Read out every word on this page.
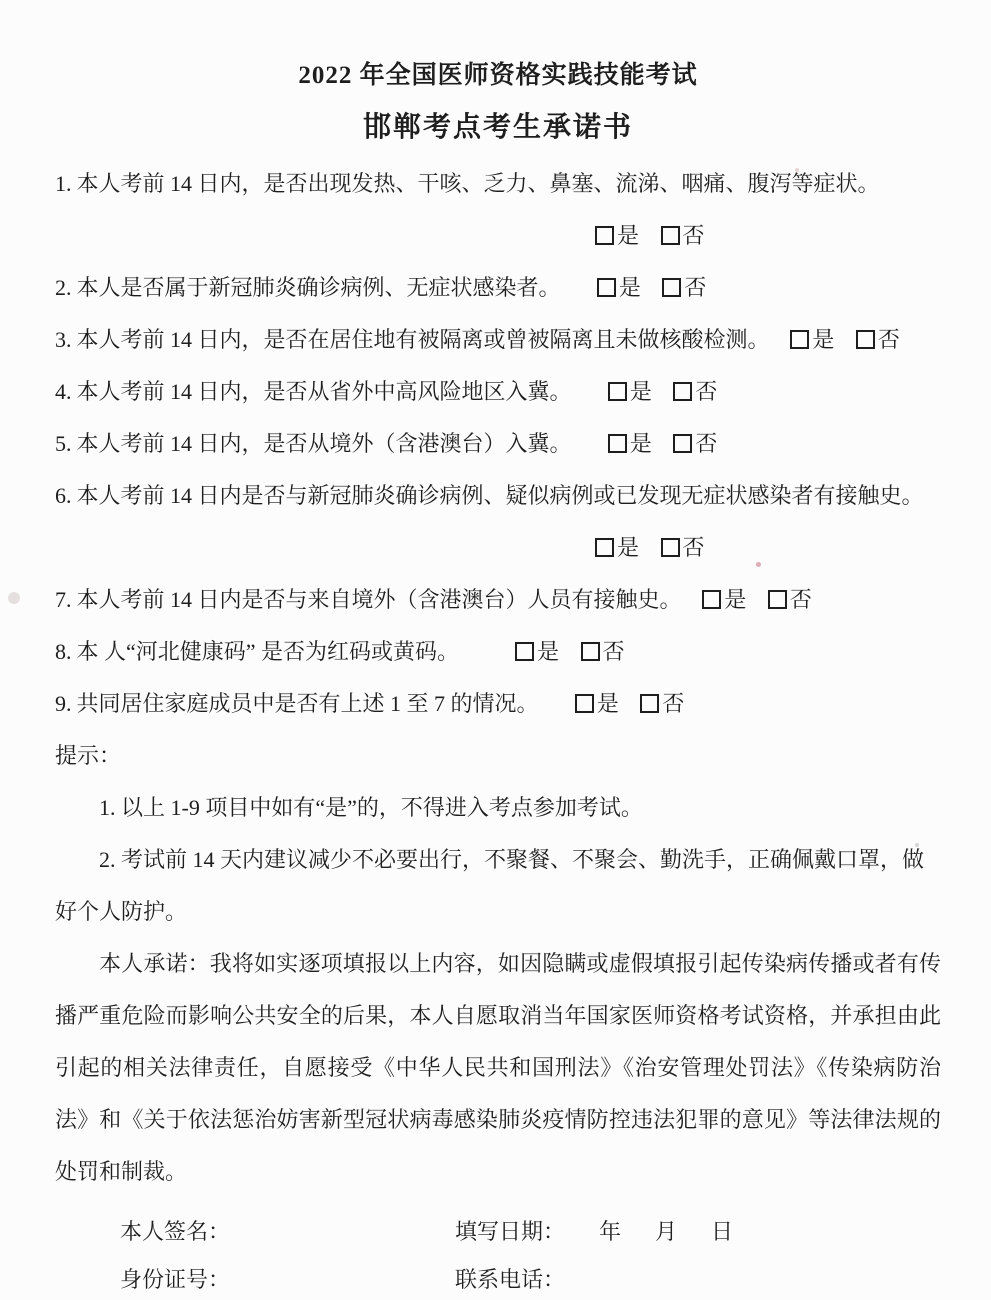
2022 年全国医师资格实践技能考试
邯郸考点考生承诺书
1. 本人考前 14 日内，是否出现发热、干咳、乏力、鼻塞、流涕、咽痛、腹泻等症状。
是 否
2. 本人是否属于新冠肺炎确诊病例、无症状感染者。	是 否
3. 本人考前 14 日内，是否在居住地有被隔离或曾被隔离且未做核酸检测。 是 否
4. 本人考前 14 日内，是否从省外中高风险地区入冀。	是 否
5. 本人考前 14 日内，是否从境外（含港澳台）入冀。	是 否
6. 本人考前 14 日内是否与新冠肺炎确诊病例、疑似病例或已发现无症状感染者有接触史。
是 否
7. 本人考前 14 日内是否与来自境外（含港澳台）人员有接触史。 是 否
8. 本 人“河北健康码” 是否为红码或黄码。	是 否
9. 共同居住家庭成员中是否有上述 1 至 7 的情况。	是 否
提示：
1. 以上 1-9 项目中如有“是”的，不得进入考点参加考试。
2. 考试前 14 天内建议减少不必要出行，不聚餐、不聚会、勤洗手，正确佩戴口罩，做好个人防护。

本人承诺：我将如实逐项填报以上内容，如因隐瞒或虚假填报引起传染病传播或者有传播严重危险而影响公共安全的后果，本人自愿取消当年国家医师资格考试资格，并承担由此引起的相关法律责任，自愿接受《中华人民共和国刑法》《治安管理处罚法》《传染病防治法》和《关于依法惩治妨害新型冠状病毒感染肺炎疫情防控违法犯罪的意见》等法律法规的处罚和制裁。

本人签名：	填写日期： 年 月 日
身份证号：	联系电话：
